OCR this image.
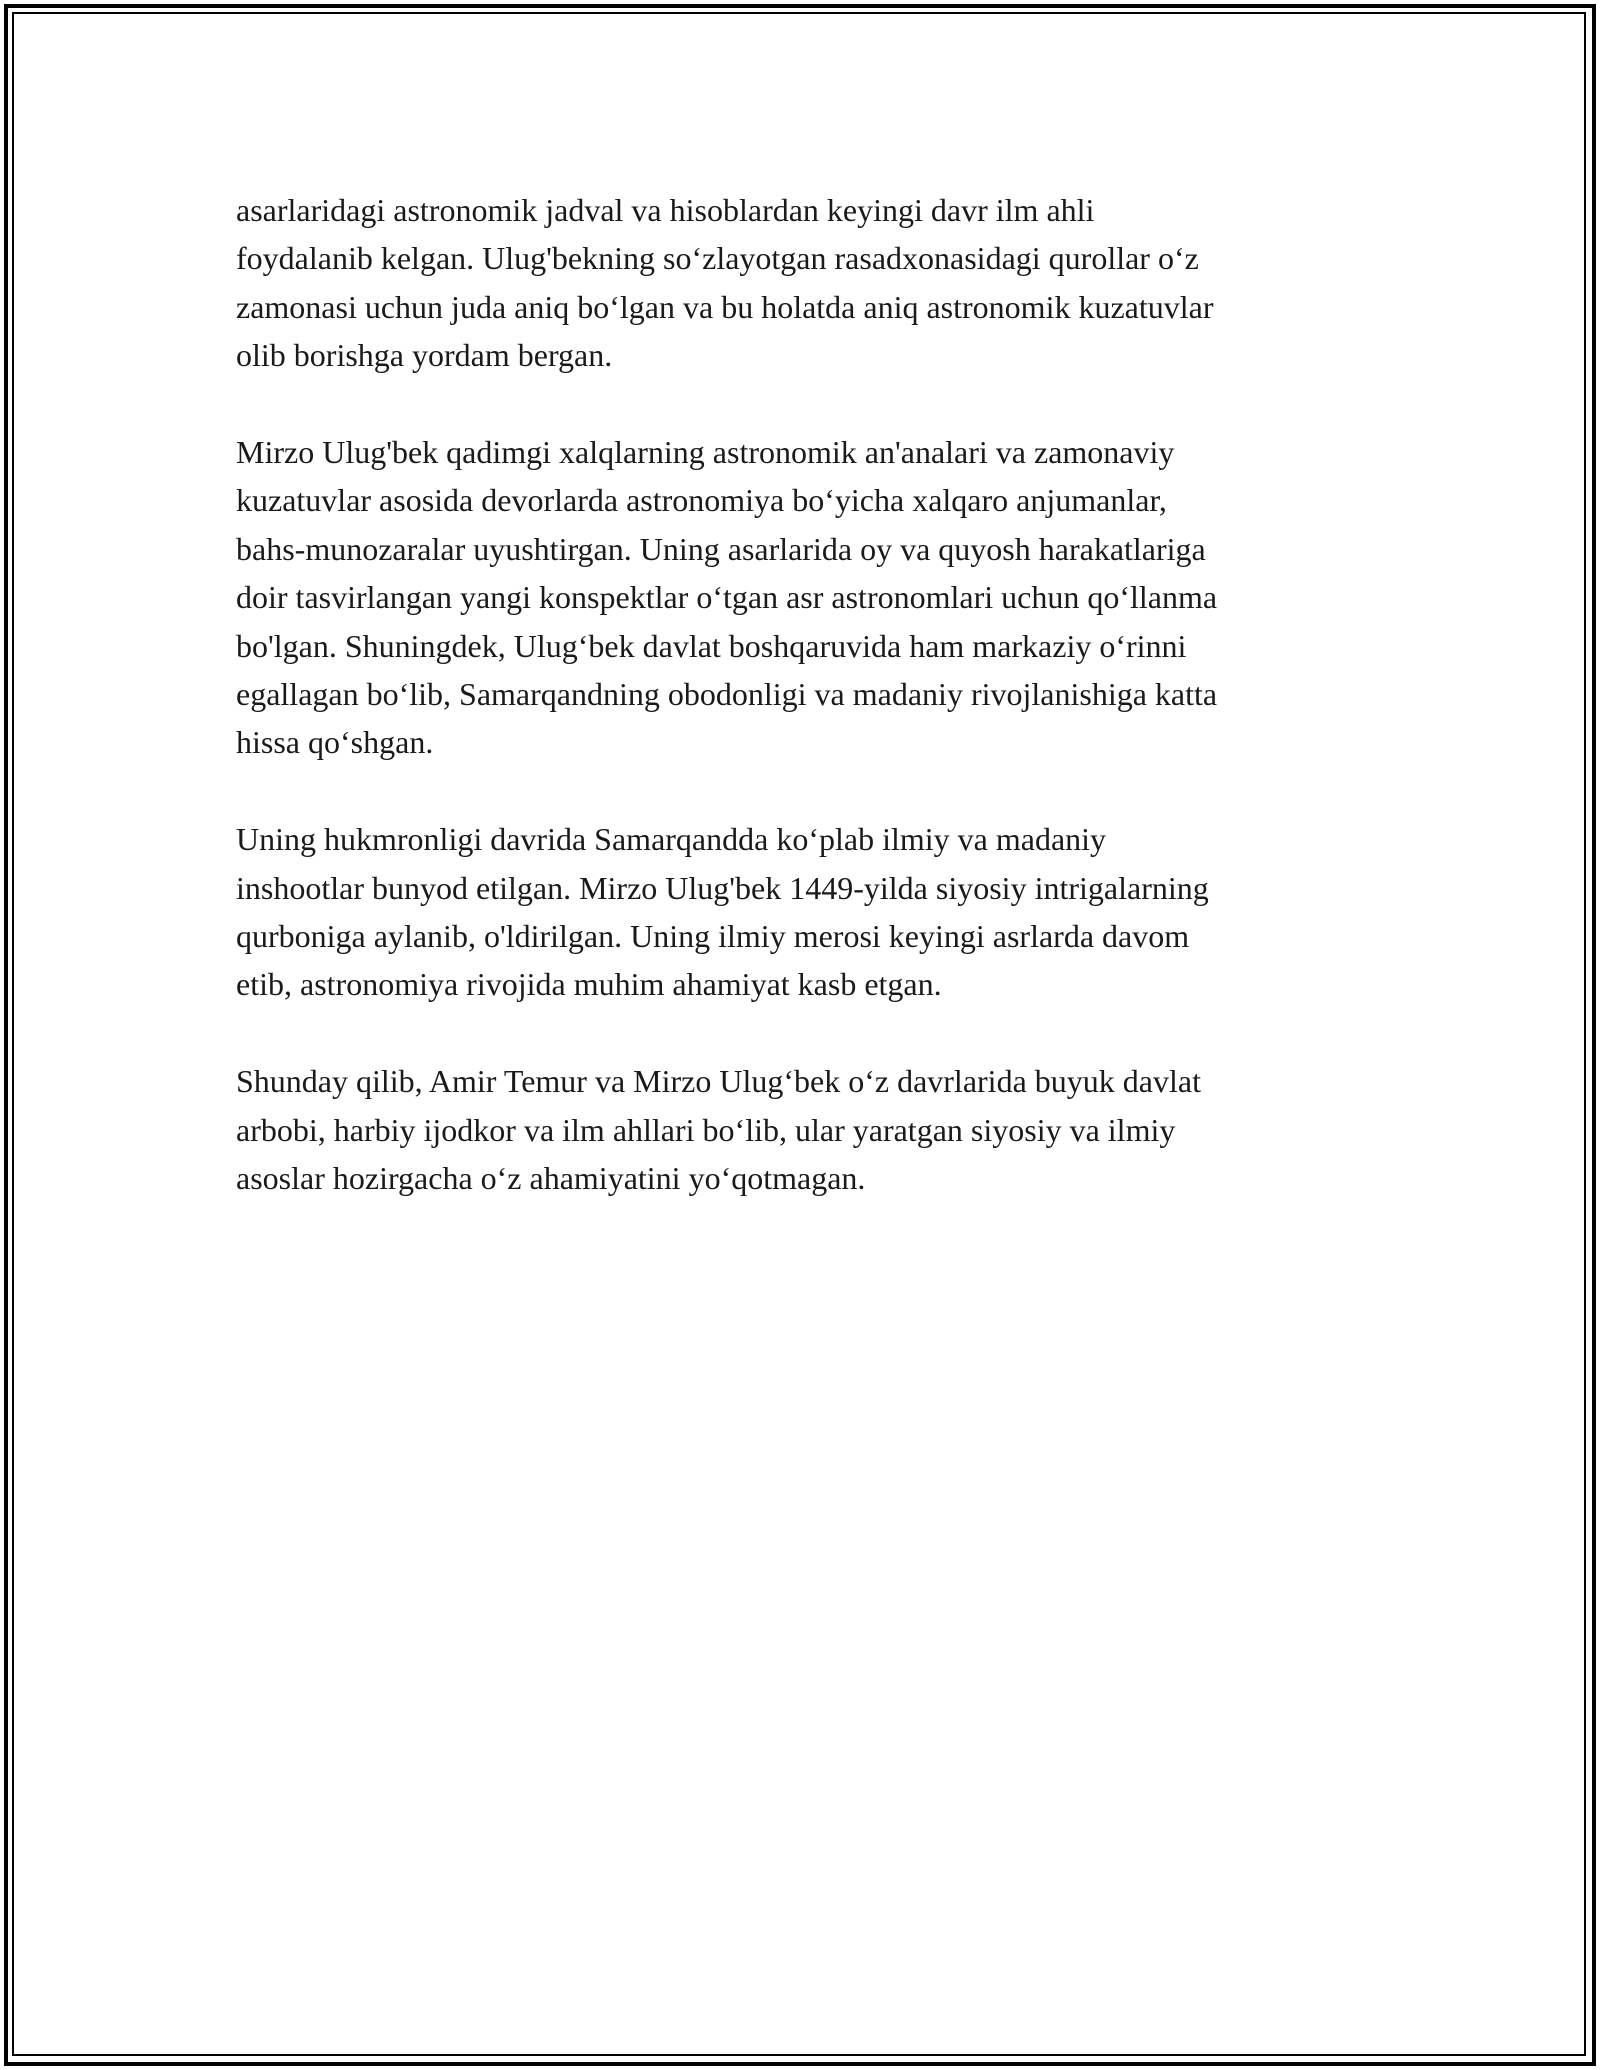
asarlaridagi astronomik jadval va hisoblardan keyingi davr ilm ahli
foydalanib kelgan. Ulug'bekning so‘zlayotgan rasadxonasidagi qurollar o‘z
zamonasi uchun juda aniq bo‘lgan va bu holatda aniq astronomik kuzatuvlar
olib borishga yordam bergan.

Mirzo Ulug'bek qadimgi xalqlarning astronomik an'analari va zamonaviy
kuzatuvlar asosida devorlarda astronomiya bo‘yicha xalqaro anjumanlar,
bahs-munozaralar uyushtirgan. Uning asarlarida oy va quyosh harakatlariga
doir tasvirlangan yangi konspektlar o‘tgan asr astronomlari uchun qo‘llanma
bo'lgan. Shuningdek, Ulug‘bek davlat boshqaruvida ham markaziy o‘rinni
egallagan bo‘lib, Samarqandning obodonligi va madaniy rivojlanishiga katta
hissa qo‘shgan.

Uning hukmronligi davrida Samarqandda ko‘plab ilmiy va madaniy
inshootlar bunyod etilgan. Mirzo Ulug'bek 1449-yilda siyosiy intrigalarning
qurboniga aylanib, o'ldirilgan. Uning ilmiy merosi keyingi asrlarda davom
etib, astronomiya rivojida muhim ahamiyat kasb etgan.

Shunday qilib, Amir Temur va Mirzo Ulug‘bek o‘z davrlarida buyuk davlat
arbobi, harbiy ijodkor va ilm ahllari bo‘lib, ular yaratgan siyosiy va ilmiy
asoslar hozirgacha o‘z ahamiyatini yo‘qotmagan.
